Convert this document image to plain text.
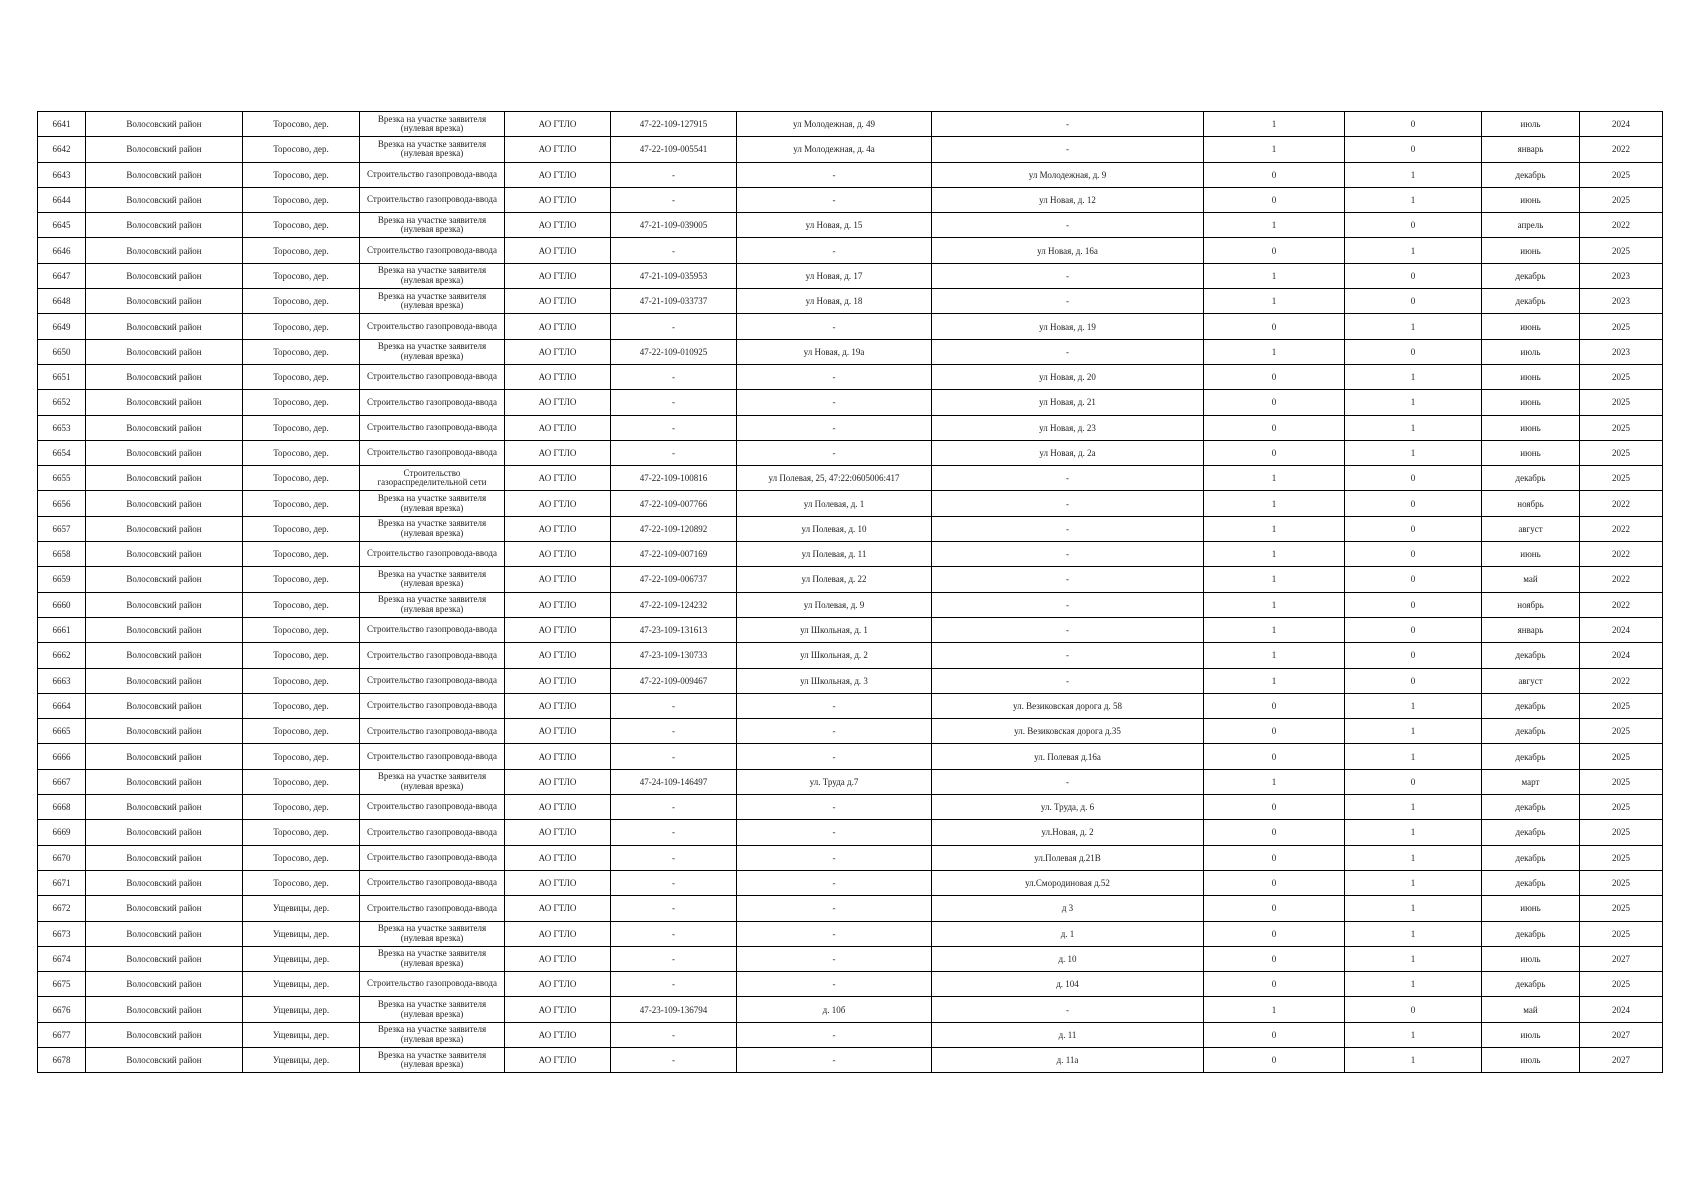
6641	Волосовский район	Торосово, дер.	Врезка на участке заявителя (нулевая врезка)	АО ГТЛО	47-22-109-127915	ул Молодежная, д. 49	-	1	0	июль	2024
6642	Волосовский район	Торосово, дер.	Врезка на участке заявителя (нулевая врезка)	АО ГТЛО	47-22-109-005541	ул Молодежная, д. 4а	-	1	0	январь	2022
6643	Волосовский район	Торосово, дер.	Строительство газопровода-ввода	АО ГТЛО	-	-	ул Молодежная, д. 9	0	1	декабрь	2025
6644	Волосовский район	Торосово, дер.	Строительство газопровода-ввода	АО ГТЛО	-	-	ул Новая, д. 12	0	1	июнь	2025
6645	Волосовский район	Торосово, дер.	Врезка на участке заявителя (нулевая врезка)	АО ГТЛО	47-21-109-039005	ул Новая, д. 15	-	1	0	апрель	2022
6646	Волосовский район	Торосово, дер.	Строительство газопровода-ввода	АО ГТЛО	-	-	ул Новая, д. 16а	0	1	июнь	2025
6647	Волосовский район	Торосово, дер.	Врезка на участке заявителя (нулевая врезка)	АО ГТЛО	47-21-109-035953	ул Новая, д. 17	-	1	0	декабрь	2023
6648	Волосовский район	Торосово, дер.	Врезка на участке заявителя (нулевая врезка)	АО ГТЛО	47-21-109-033737	ул Новая, д. 18	-	1	0	декабрь	2023
6649	Волосовский район	Торосово, дер.	Строительство газопровода-ввода	АО ГТЛО	-	-	ул Новая, д. 19	0	1	июнь	2025
6650	Волосовский район	Торосово, дер.	Врезка на участке заявителя (нулевая врезка)	АО ГТЛО	47-22-109-010925	ул Новая, д. 19а	-	1	0	июль	2023
6651	Волосовский район	Торосово, дер.	Строительство газопровода-ввода	АО ГТЛО	-	-	ул Новая, д. 20	0	1	июнь	2025
6652	Волосовский район	Торосово, дер.	Строительство газопровода-ввода	АО ГТЛО	-	-	ул Новая, д. 21	0	1	июнь	2025
6653	Волосовский район	Торосово, дер.	Строительство газопровода-ввода	АО ГТЛО	-	-	ул Новая, д. 23	0	1	июнь	2025
6654	Волосовский район	Торосово, дер.	Строительство газопровода-ввода	АО ГТЛО	-	-	ул Новая, д. 2а	0	1	июнь	2025
6655	Волосовский район	Торосово, дер.	Строительство газораспределительной сети	АО ГТЛО	47-22-109-100816	ул Полевая, 25, 47:22:0605006:417	-	1	0	декабрь	2025
6656	Волосовский район	Торосово, дер.	Врезка на участке заявителя (нулевая врезка)	АО ГТЛО	47-22-109-007766	ул Полевая, д. 1	-	1	0	ноябрь	2022
6657	Волосовский район	Торосово, дер.	Врезка на участке заявителя (нулевая врезка)	АО ГТЛО	47-22-109-120892	ул Полевая, д. 10	-	1	0	август	2022
6658	Волосовский район	Торосово, дер.	Строительство газопровода-ввода	АО ГТЛО	47-22-109-007169	ул Полевая, д. 11	-	1	0	июнь	2022
6659	Волосовский район	Торосово, дер.	Врезка на участке заявителя (нулевая врезка)	АО ГТЛО	47-22-109-006737	ул Полевая, д. 22	-	1	0	май	2022
6660	Волосовский район	Торосово, дер.	Врезка на участке заявителя (нулевая врезка)	АО ГТЛО	47-22-109-124232	ул Полевая, д. 9	-	1	0	ноябрь	2022
6661	Волосовский район	Торосово, дер.	Строительство газопровода-ввода	АО ГТЛО	47-23-109-131613	ул Школьная, д. 1	-	1	0	январь	2024
6662	Волосовский район	Торосово, дер.	Строительство газопровода-ввода	АО ГТЛО	47-23-109-130733	ул Школьная, д. 2	-	1	0	декабрь	2024
6663	Волосовский район	Торосово, дер.	Строительство газопровода-ввода	АО ГТЛО	47-22-109-009467	ул Школьная, д. 3	-	1	0	август	2022
6664	Волосовский район	Торосово, дер.	Строительство газопровода-ввода	АО ГТЛО	-	-	ул. Везиковская дорога д. 58	0	1	декабрь	2025
6665	Волосовский район	Торосово, дер.	Строительство газопровода-ввода	АО ГТЛО	-	-	ул. Везиковская дорога д.35	0	1	декабрь	2025
6666	Волосовский район	Торосово, дер.	Строительство газопровода-ввода	АО ГТЛО	-	-	ул. Полевая д.16а	0	1	декабрь	2025
6667	Волосовский район	Торосово, дер.	Врезка на участке заявителя (нулевая врезка)	АО ГТЛО	47-24-109-146497	ул. Труда д.7	-	1	0	март	2025
6668	Волосовский район	Торосово, дер.	Строительство газопровода-ввода	АО ГТЛО	-	-	ул. Труда, д. 6	0	1	декабрь	2025
6669	Волосовский район	Торосово, дер.	Строительство газопровода-ввода	АО ГТЛО	-	-	ул.Новая, д. 2	0	1	декабрь	2025
6670	Волосовский район	Торосово, дер.	Строительство газопровода-ввода	АО ГТЛО	-	-	ул.Полевая д.21В	0	1	декабрь	2025
6671	Волосовский район	Торосово, дер.	Строительство газопровода-ввода	АО ГТЛО	-	-	ул.Смородиновая д.52	0	1	декабрь	2025
6672	Волосовский район	Ущевицы, дер.	Строительство газопровода-ввода	АО ГТЛО	-	-	д 3	0	1	июнь	2025
6673	Волосовский район	Ущевицы, дер.	Врезка на участке заявителя (нулевая врезка)	АО ГТЛО	-	-	д. 1	0	1	декабрь	2025
6674	Волосовский район	Ущевицы, дер.	Врезка на участке заявителя (нулевая врезка)	АО ГТЛО	-	-	д. 10	0	1	июль	2027
6675	Волосовский район	Ущевицы, дер.	Строительство газопровода-ввода	АО ГТЛО	-	-	д. 104	0	1	декабрь	2025
6676	Волосовский район	Ущевицы, дер.	Врезка на участке заявителя (нулевая врезка)	АО ГТЛО	47-23-109-136794	д. 10б	-	1	0	май	2024
6677	Волосовский район	Ущевицы, дер.	Врезка на участке заявителя (нулевая врезка)	АО ГТЛО	-	-	д. 11	0	1	июль	2027
6678	Волосовский район	Ущевицы, дер.	Врезка на участке заявителя (нулевая врезка)	АО ГТЛО	-	-	д. 11а	0	1	июль	2027
